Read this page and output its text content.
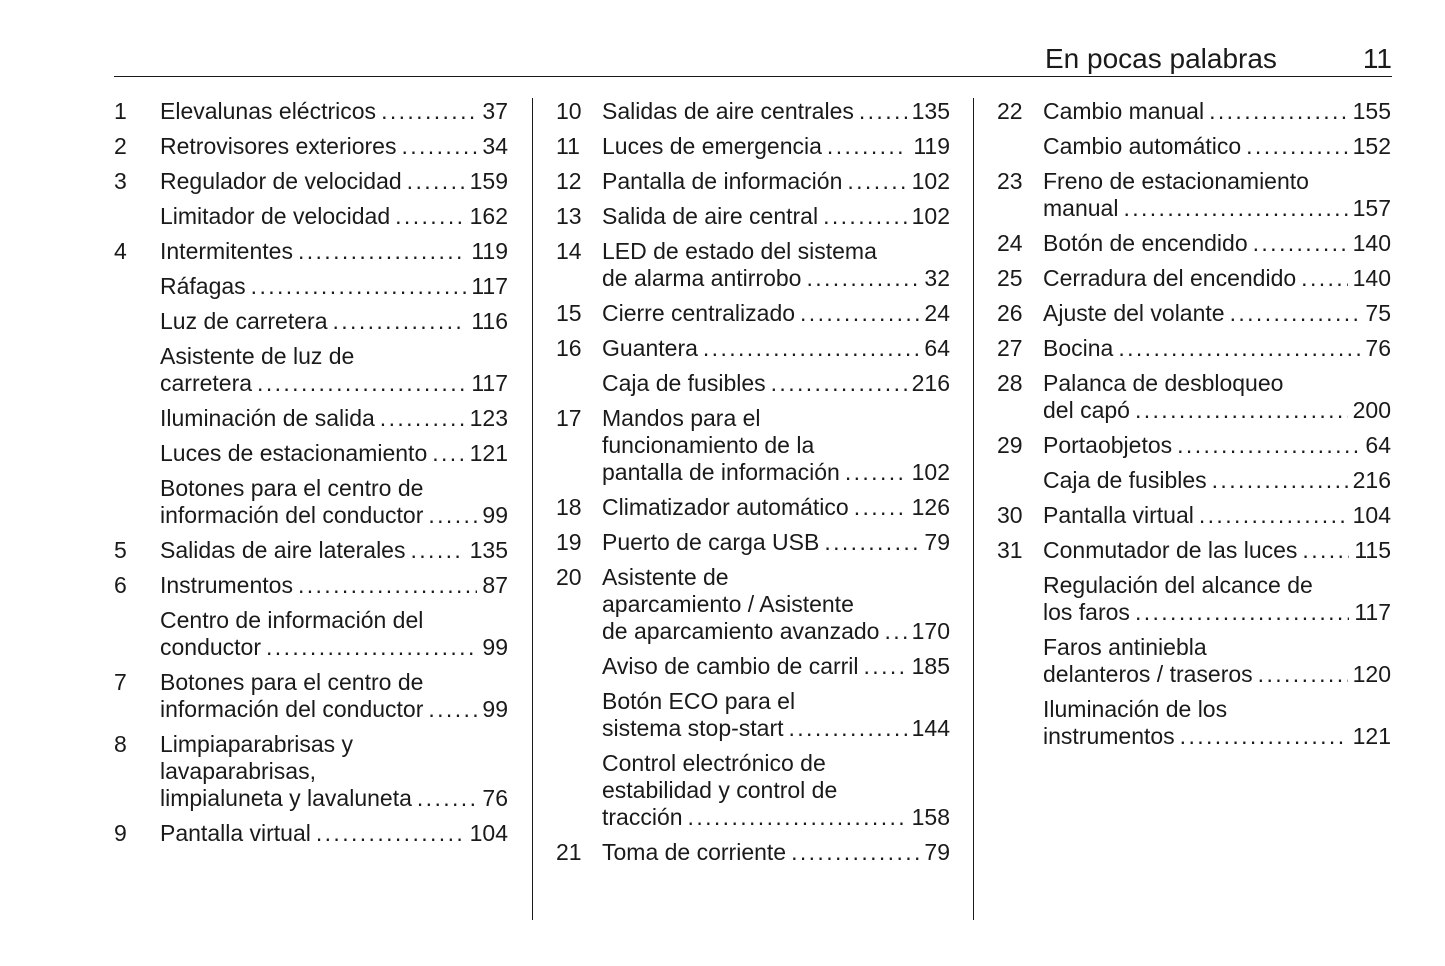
En pocas palabras	11
1	Elevalunas eléctricos . . .	37
2	Retrovisores exteriores . . .	34
3	Regulador de velocidad . . .	159
Limitador de velocidad . . .	162
4	Intermitentes . . .	119
Ráfagas . . .	117
Luz de carretera . . .	116
Asistente de luz de
carretera . . .	117
Iluminación de salida . . .	123
Luces de estacionamiento . . . 121
Botones para el centro de
información del conductor . . .	99
5	Salidas de aire laterales . . .	135
6	Instrumentos . . .	87
Centro de información del
conductor . . .	99
7	Botones para el centro de
información del conductor . . .	99
8	Limpiaparabrisas y
lavaparabrisas,
limpialuneta y lavaluneta . . .	76
9	Pantalla virtual . . .	104
10 Salidas de aire centrales . . .	135
11 Luces de emergencia . . .	119
12 Pantalla de información . . .	102
13 Salida de aire central . . .	102
14 LED de estado del sistema
de alarma antirrobo . . .	32
15 Cierre centralizado . . .	24
16 Guantera . . .	64
Caja de fusibles . . .	216
17 Mandos para el
funcionamiento de la
pantalla de información . . .	102
18 Climatizador automático . . .	126
19 Puerto de carga USB . . .	79
20 Asistente de
aparcamiento / Asistente
de aparcamiento avanzado . . . 170
Aviso de cambio de carril . . . 185
Botón ECO para el
sistema stop-start . . .	144
Control electrónico de
estabilidad y control de
tracción . . .	158
21 Toma de corriente . . .	79
22 Cambio manual . . .	155
Cambio automático . . .	152
23 Freno de estacionamiento
manual . . .	157
24 Botón de encendido . . .	140
25 Cerradura del encendido . . . 140
26 Ajuste del volante . . .	75
27 Bocina . . .	76
28 Palanca de desbloqueo
del capó . . .	200
29 Portaobjetos . . .	64
Caja de fusibles . . .	216
30 Pantalla virtual . . .	104
31 Conmutador de las luces . . . 115
Regulación del alcance de
los faros . . .	117
Faros antiniebla
delanteros / traseros . . .	120
Iluminación de los
instrumentos . . .	121
